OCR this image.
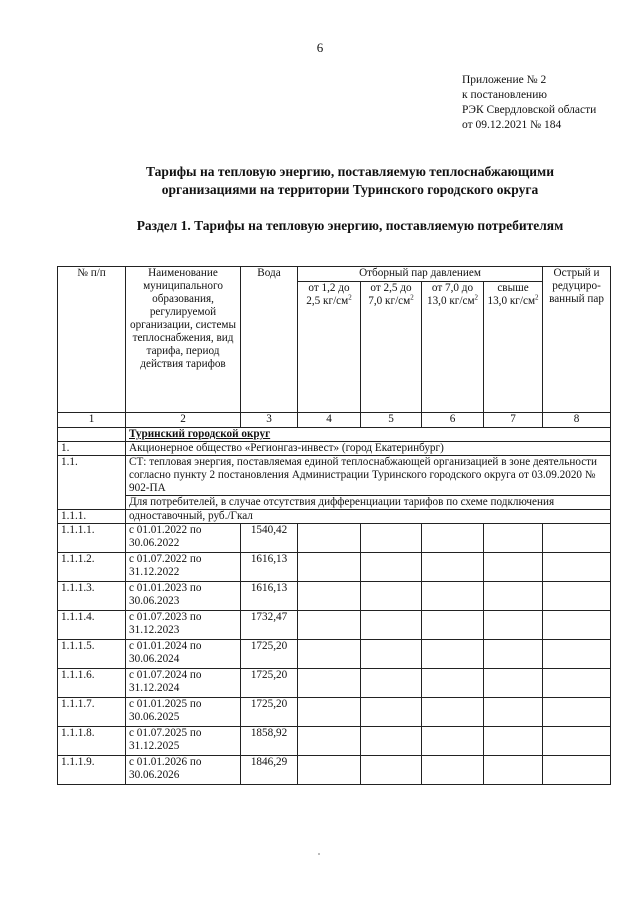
6
Приложение № 2
к постановлению
РЭК Свердловской области
от 09.12.2021 № 184
Тарифы на тепловую энергию, поставляемую теплоснабжающими
организациями на территории Туринского городского округа
Раздел 1. Тарифы на тепловую энергию, поставляемую потребителям
№ п/п	Наименование муниципального образования, регулируемой организации, системы теплоснабжения, вид тарифа, период действия тарифов	Вода	Отборный пар давлением				Острый и редуциро-ванный пар
			от 1,2 до 2,5 $кг/см^2$	от 2,5 до 7,0 $кг/см^2$	от 7,0 до 13,0 $кг/см^2$	свыше 13,0 $кг/см^2$
1	2	3	4	5	6	7	8
	Туринский городской округ						
1.	Акционерное общество «Регионгаз-инвест» (город Екатеринбург)						
1.1.	СТ: тепловая энергия, поставляемая единой теплоснабжающей организацией в зоне деятельности согласно пункту 2 постановления Администрации Туринского городского округа от 03.09.2020 № 902-ПА						
	Для потребителей, в случае отсутствия дифференциации тарифов по схеме подключения						
1.1.1.	одноставочный, руб./Гкал						
1.1.1.1.	с 01.01.2022 по 30.06.2022	1540,42					
1.1.1.2.	с 01.07.2022 по 31.12.2022	1616,13					
1.1.1.3.	с 01.01.2023 по 30.06.2023	1616,13					
1.1.1.4.	с 01.07.2023 по 31.12.2023	1732,47					
1.1.1.5.	с 01.01.2024 по 30.06.2024	1725,20					
1.1.1.6.	с 01.07.2024 по 31.12.2024	1725,20					
1.1.1.7.	с 01.01.2025 по 30.06.2025	1725,20					
1.1.1.8.	с 01.07.2025 по 31.12.2025	1858,92					
1.1.1.9.	с 01.01.2026 по 30.06.2026	1846,29					
